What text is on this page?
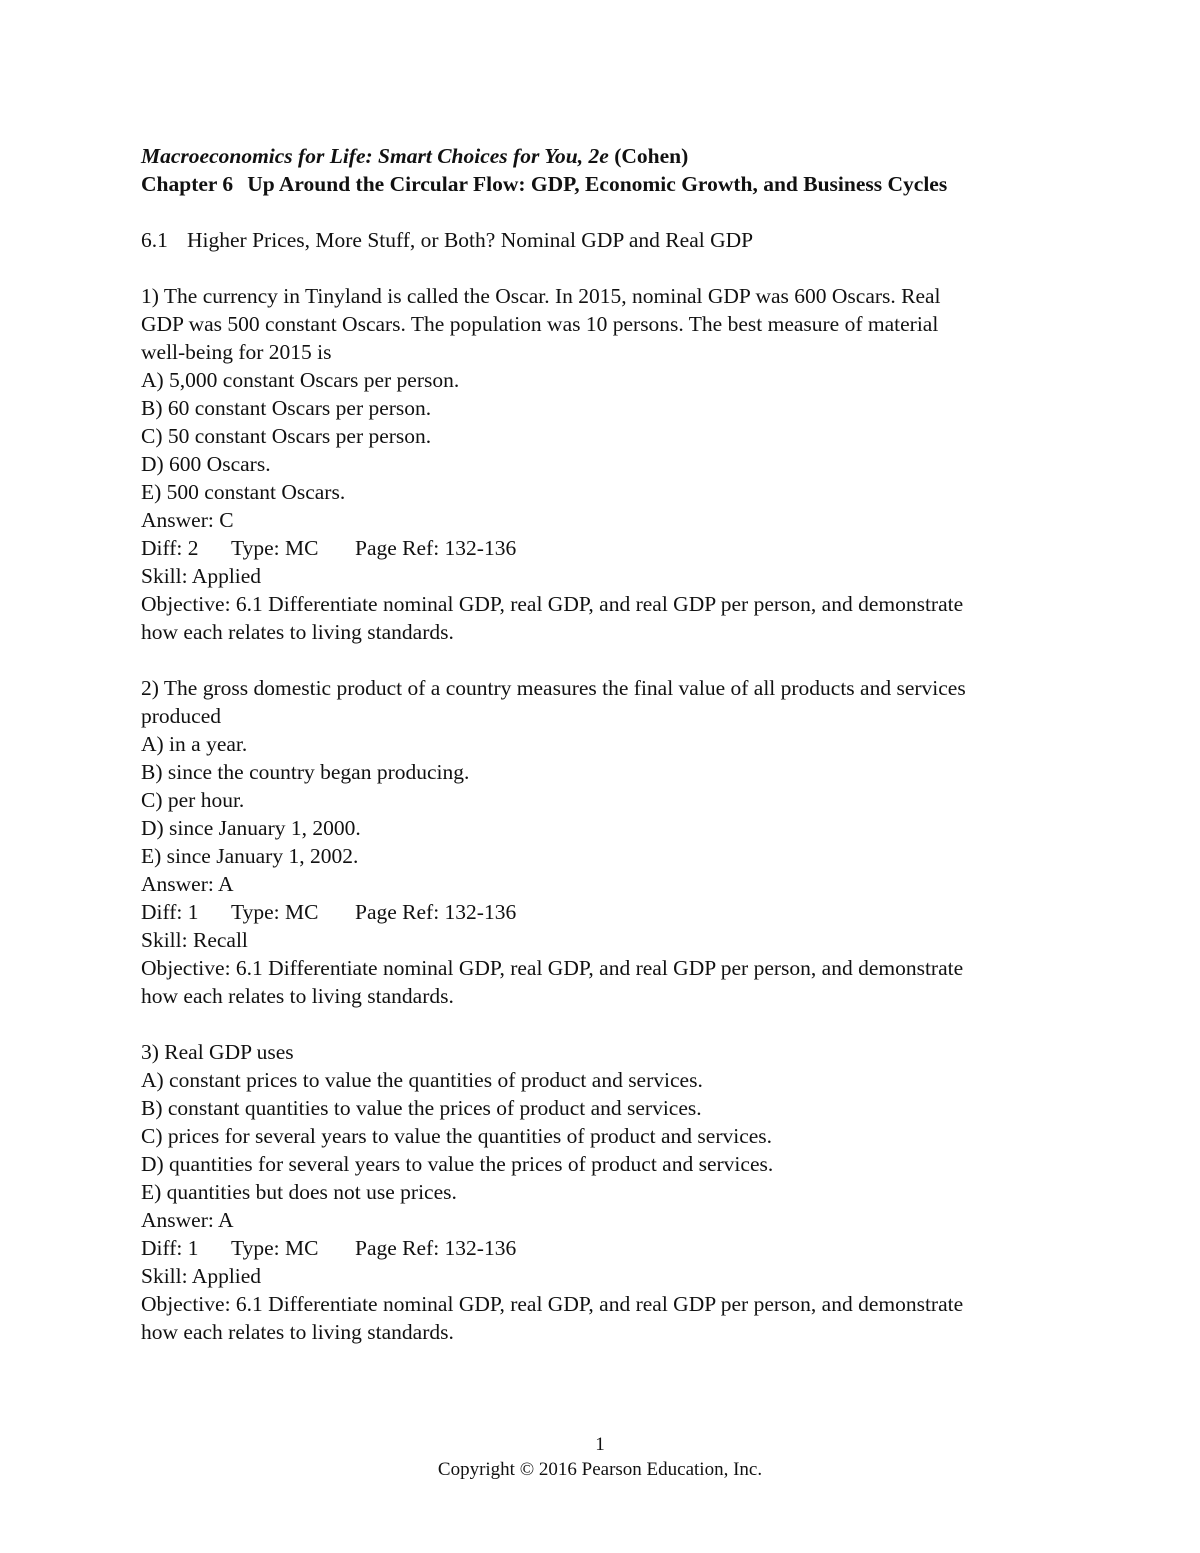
Macroeconomics for Life: Smart Choices for You, 2e (Cohen)

Chapter 6 Up Around the Circular Flow: GDP, Economic Growth, and Business Cycles

6.1 Higher Prices, More Stuff, or Both? Nominal GDP and Real GDP
1) The currency in Tinyland is called the Oscar. In 2015, nominal GDP was 600 Oscars. Real
GDP was 500 constant Oscars. The population was 10 persons. The best measure of material
well-being for 2015 is
A) 5,000 constant Oscars per person.
B) 60 constant Oscars per person.
C) 50 constant Oscars per person.
D) 600 Oscars.
E) 500 constant Oscars.
Answer: C
Diff: 2 Type: MC Page Ref: 132-136
Skill: Applied
Objective: 6.1 Differentiate nominal GDP, real GDP, and real GDP per person, and demonstrate
how each relates to living standards.
2) The gross domestic product of a country measures the final value of all products and services
produced
A) in a year.
B) since the country began producing.
C) per hour.
D) since January 1, 2000.
E) since January 1, 2002.
Answer: A
Diff: 1 Type: MC Page Ref: 132-136
Skill: Recall
Objective: 6.1 Differentiate nominal GDP, real GDP, and real GDP per person, and demonstrate
how each relates to living standards.
3) Real GDP uses
A) constant prices to value the quantities of product and services.
B) constant quantities to value the prices of product and services.
C) prices for several years to value the quantities of product and services.
D) quantities for several years to value the prices of product and services.
E) quantities but does not use prices.
Answer: A
Diff: 1 Type: MC Page Ref: 132-136
Skill: Applied
Objective: 6.1 Differentiate nominal GDP, real GDP, and real GDP per person, and demonstrate
how each relates to living standards.
1
Copyright © 2016 Pearson Education, Inc.
